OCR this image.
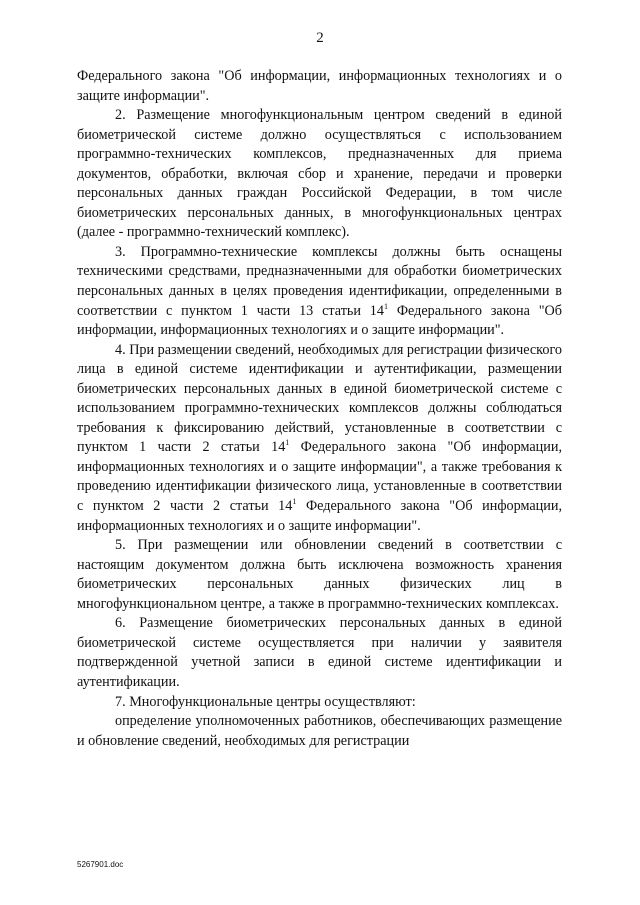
2

Федерального закона "Об информации, информационных технологиях и о защите информации".

2. Размещение многофункциональным центром сведений в единой биометрической системе должно осуществляться с использованием программно-технических комплексов, предназначенных для приема документов, обработки, включая сбор и хранение, передачи и проверки персональных данных граждан Российской Федерации, в том числе биометрических персональных данных, в многофункциональных центрах (далее - программно-технический комплекс).

3. Программно-технические комплексы должны быть оснащены техническими средствами, предназначенными для обработки биометрических персональных данных в целях проведения идентификации, определенными в соответствии с пунктом 1 части 13 статьи $14^1$ Федерального закона "Об информации, информационных технологиях и о защите информации".

4. При размещении сведений, необходимых для регистрации физического лица в единой системе идентификации и аутентификации, размещении биометрических персональных данных в единой биометрической системе с использованием программно-технических комплексов должны соблюдаться требования к фиксированию действий, установленные в соответствии с пунктом 1 части 2 статьи $14^1$ Федерального закона "Об информации, информационных технологиях и о защите информации", а также требования к проведению идентификации физического лица, установленные в соответствии с пунктом 2 части 2 статьи $14^1$ Федерального закона "Об информации, информационных технологиях и о защите информации".

5. При размещении или обновлении сведений в соответствии с настоящим документом должна быть исключена возможность хранения биометрических персональных данных физических лиц в многофункциональном центре, а также в программно-технических комплексах.

6. Размещение биометрических персональных данных в единой биометрической системе осуществляется при наличии у заявителя подтвержденной учетной записи в единой системе идентификации и аутентификации.

7. Многофункциональные центры осуществляют:

определение уполномоченных работников, обеспечивающих размещение и обновление сведений, необходимых для регистрации

5267901.doc
